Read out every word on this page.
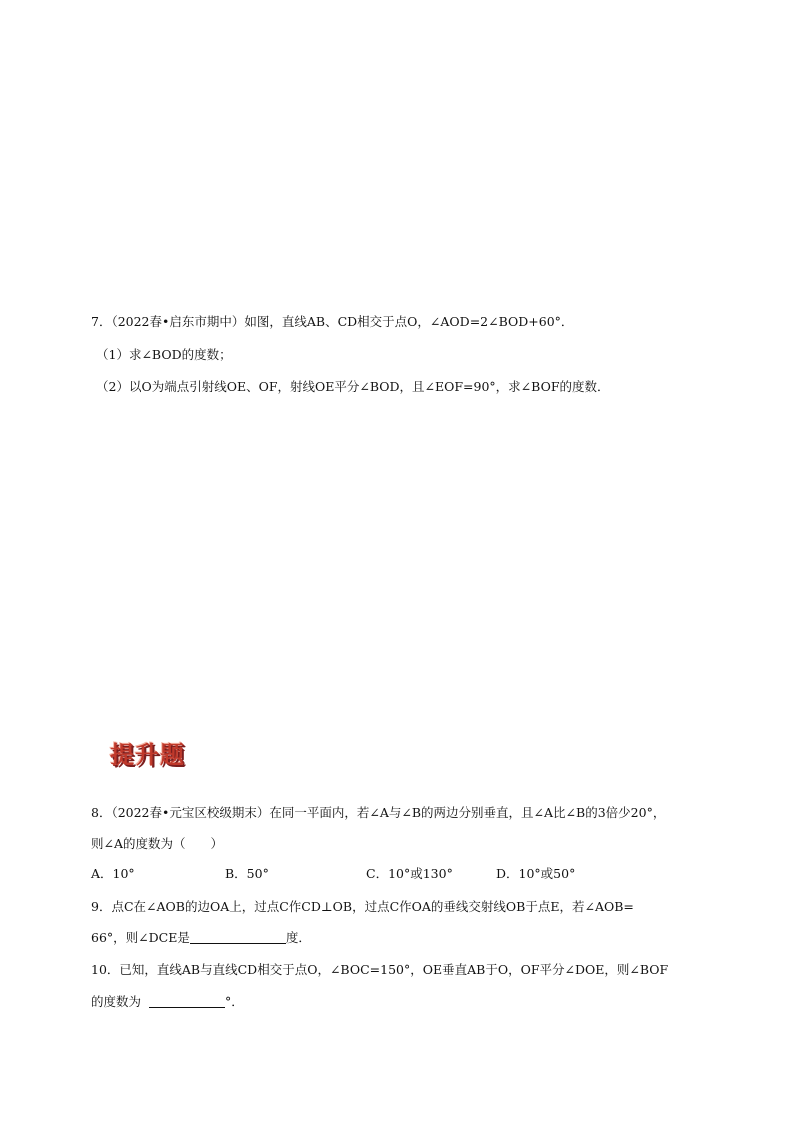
7．（2022春•启东市期中）如图，直线AB、CD相交于点O，∠AOD=2∠BOD+60°．
（1）求∠BOD的度数；
（2）以O为端点引射线OE、OF，射线OE平分∠BOD，且∠EOF=90°，求∠BOF的度数．
提升题
8．（2022春•元宝区校级期末）在同一平面内，若∠A与∠B的两边分别垂直，且∠A比∠B的3倍少20°，
则∠A的度数为（　　）
A．10°	B．50°	C．10°或130°	D．10°或50°
9．点C在∠AOB的边OA上，过点C作CD⊥OB，过点C作OA的垂线交射线OB于点E，若∠AOB=
66°，则∠DCE是	度．
10．已知，直线AB与直线CD相交于点O，∠BOC=150°，OE垂直AB于O，OF平分∠DOE，则∠BOF
的度数为	°．
